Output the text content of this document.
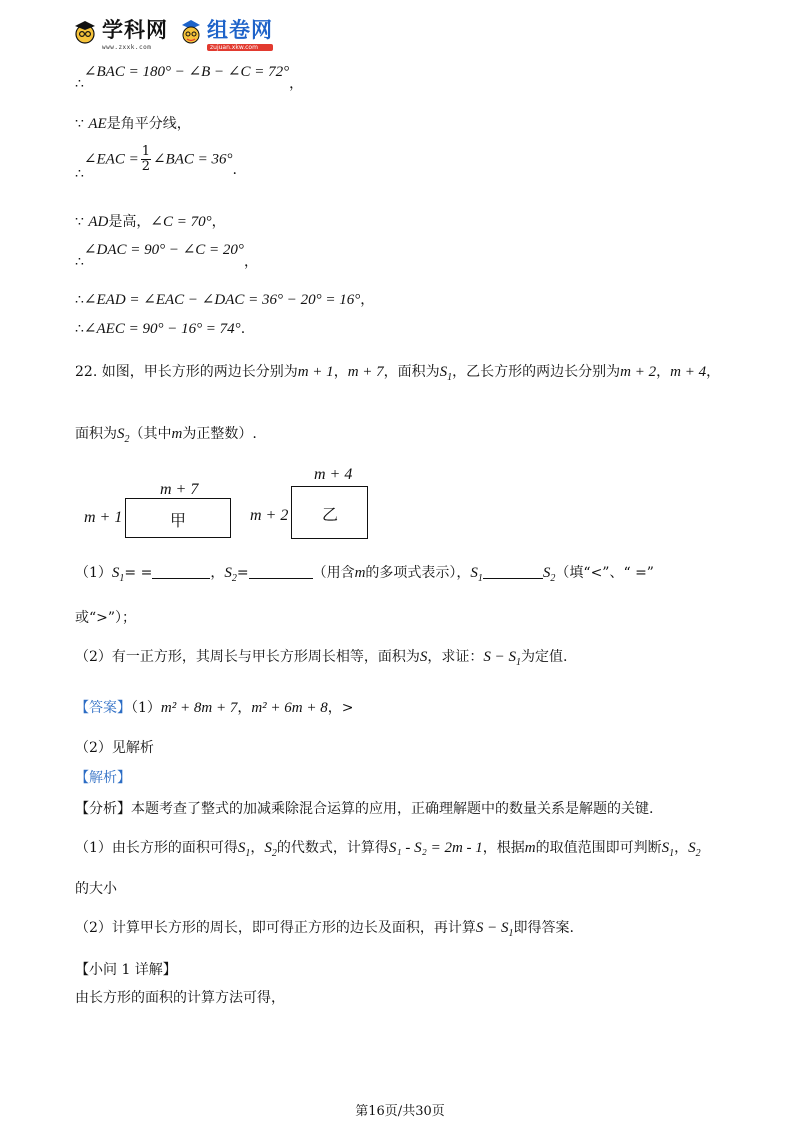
学科网
www.zxxk.com
组卷网
zujuan.xkw.com
∴∠BAC = 180° − ∠B − ∠C = 72°，
∵ AE是角平分线，
∴∠EAC = $\frac{1}{2}$ ∠BAC = 36°.
∵ AD是高，∠C = 70°，
∴∠DAC = 90° − ∠C = 20°，
∴∠EAD = ∠EAC − ∠DAC = 36° − 20° = 16°，
∴∠AEC = 90° − 16° = 74°.
22. 如图，甲长方形的两边长分别为m + 1，m + 7，面积为$S_1$，乙长方形的两边长分别为m + 2，m + 4，
面积为$S_2$（其中m为正整数）.
m + 7
m + 1	甲
m + 4
m + 2 乙
$(1)S_1=$ =	，$S_2=$	（用含m的多项式表示），$S_1$	$S_2$（填“<”、“ =”
或“>”）；
（2）有一正方形，其周长与甲长方形周长相等，面积为S，求证：$S - S_1$为定值.
【答案】（1）m² + 8m + 7，m² + 6m + 8，>
（2）见解析
【解析】
【分析】本题考查了整式的加减乘除混合运算的应用，正确理解题中的数量关系是解题的关键.
（1）由长方形的面积可得$S_1$，$S_2$的代数式，计算得S₁ - S₂ = 2m - 1，根据m的取值范围即可判断$S_1$，$S_2$
的大小
（2）计算甲长方形的周长，即可得正方形的边长及面积，再计算$S - S_1$即得答案.
【小问 1 详解】
由长方形的面积的计算方法可得，
第16页/共30页
